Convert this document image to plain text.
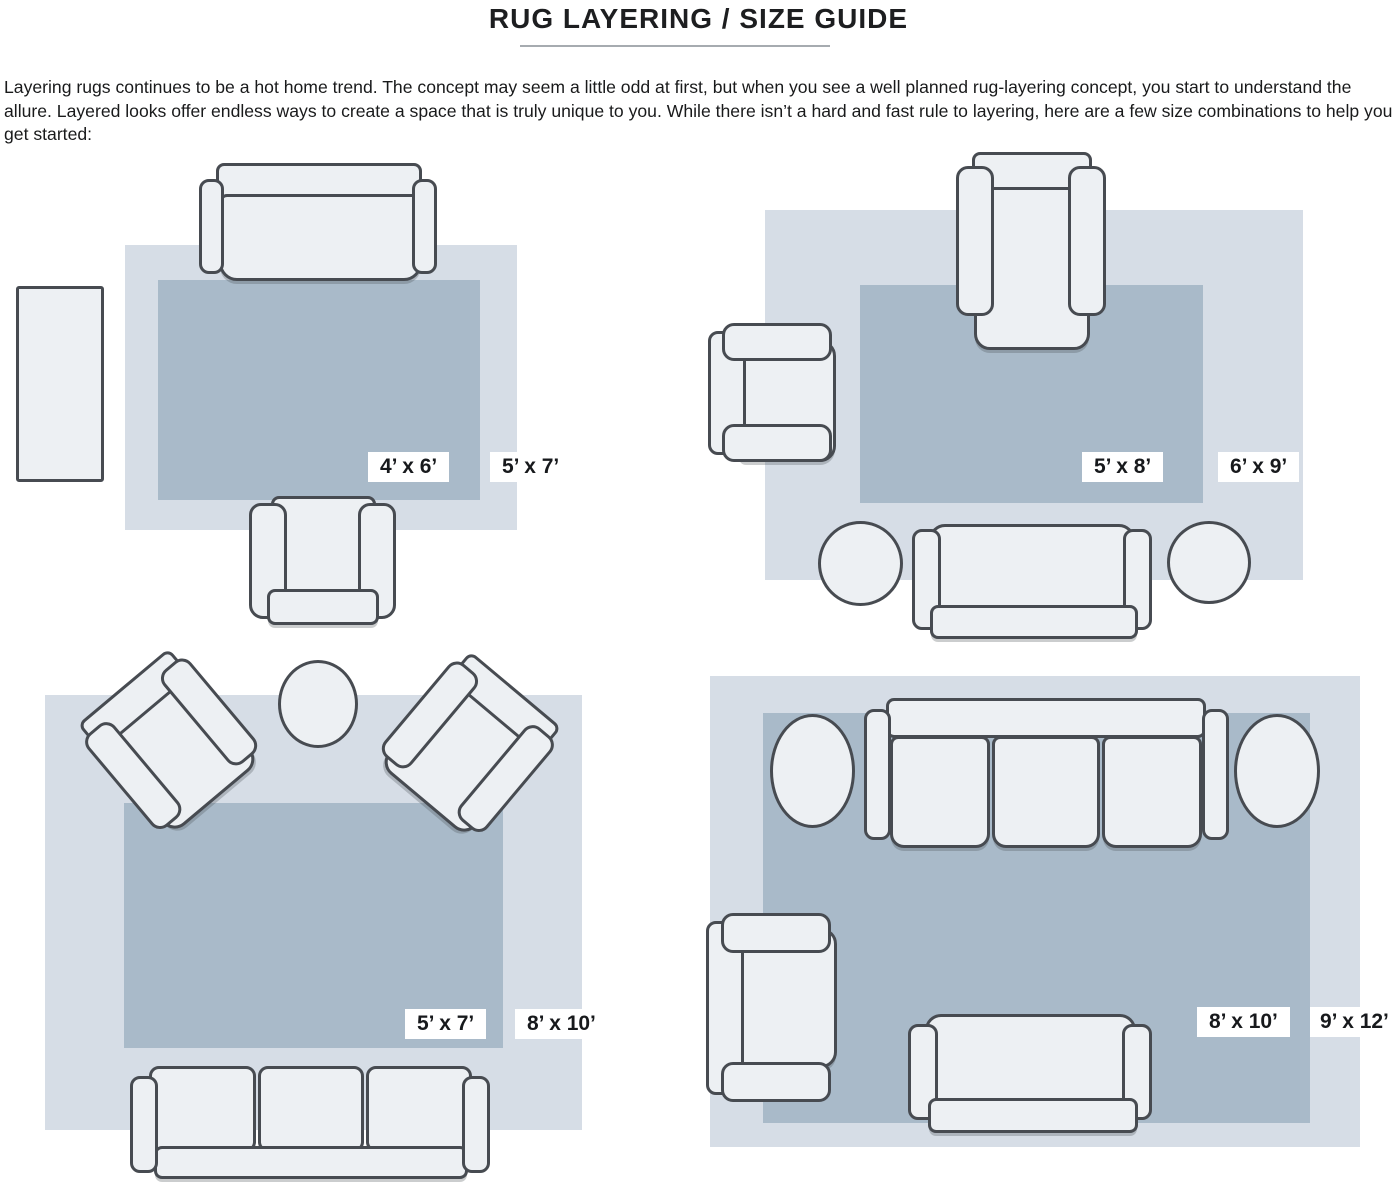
RUG LAYERING / SIZE GUIDE

Layering rugs continues to be a hot home trend. The concept may seem a little odd at first, but when you see a well planned rug-layering concept, you start to understand the allure. Layered looks offer endless ways to create a space that is truly unique to you. While there isn’t a hard and fast rule to layering, here are a few size combinations to help you get started:

4’ x 6’	5’ x 7’	5’ x 8’	6’ x 9’
5’ x 7’	8’ x 10’	8’ x 10’	9’ x 12’
